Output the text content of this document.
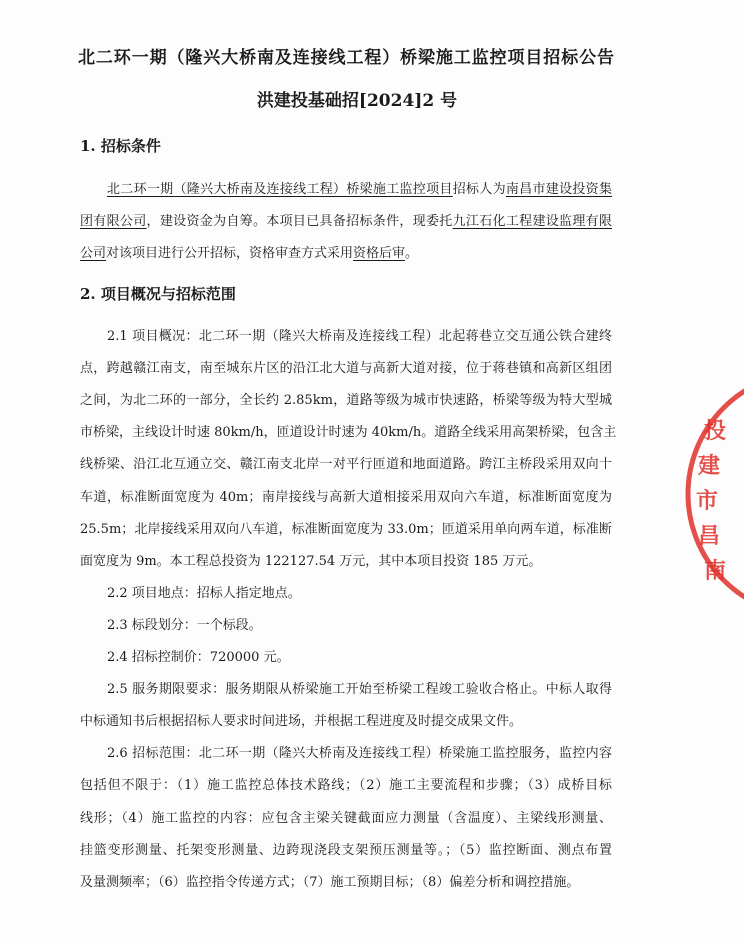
北二环一期（隆兴大桥南及连接线工程）桥梁施工监控项目招标公告
洪建投基础招[2024]2 号
1. 招标条件
北二环一期（隆兴大桥南及连接线工程）桥梁施工监控项目招标人为南昌市建设投资集
团有限公司，建设资金为自筹。本项目已具备招标条件，现委托九江石化工程建设监理有限
公司对该项目进行公开招标，资格审查方式采用资格后审。
2. 项目概况与招标范围
2.1 项目概况：北二环一期（隆兴大桥南及连接线工程）北起蒋巷立交互通公铁合建终
点，跨越赣江南支，南至城东片区的沿江北大道与高新大道对接，位于蒋巷镇和高新区组团
之间，为北二环的一部分，全长约 2.85km，道路等级为城市快速路，桥梁等级为特大型城
市桥梁，主线设计时速 80km/h，匝道设计时速为 40km/h。道路全线采用高架桥梁，包含主
线桥梁、沿江北互通立交、赣江南支北岸一对平行匝道和地面道路。跨江主桥段采用双向十
车道，标准断面宽度为 40m；南岸接线与高新大道相接采用双向六车道，标准断面宽度为
25.5m；北岸接线采用双向八车道，标准断面宽度为 33.0m；匝道采用单向两车道，标准断
面宽度为 9m。本工程总投资为 122127.54 万元，其中本项目投资 185 万元。
2.2 项目地点：招标人指定地点。
2.3 标段划分：一个标段。
2.4 招标控制价：720000 元。
2.5 服务期限要求：服务期限从桥梁施工开始至桥梁工程竣工验收合格止。中标人取得
中标通知书后根据招标人要求时间进场，并根据工程进度及时提交成果文件。
2.6 招标范围：北二环一期（隆兴大桥南及连接线工程）桥梁施工监控服务，监控内容
包括但不限于：（1）施工监控总体技术路线；（2）施工主要流程和步骤；（3）成桥目标
线形；（4）施工监控的内容：应包含主梁关键截面应力测量（含温度）、主梁线形测量、
挂篮变形测量、托架变形测量、边跨现浇段支架预压测量等。；（5）监控断面、测点布置
及量测频率；（6）监控指令传递方式；（7）施工预期目标；（8）偏差分析和调控措施。
投
建
市
昌
南
